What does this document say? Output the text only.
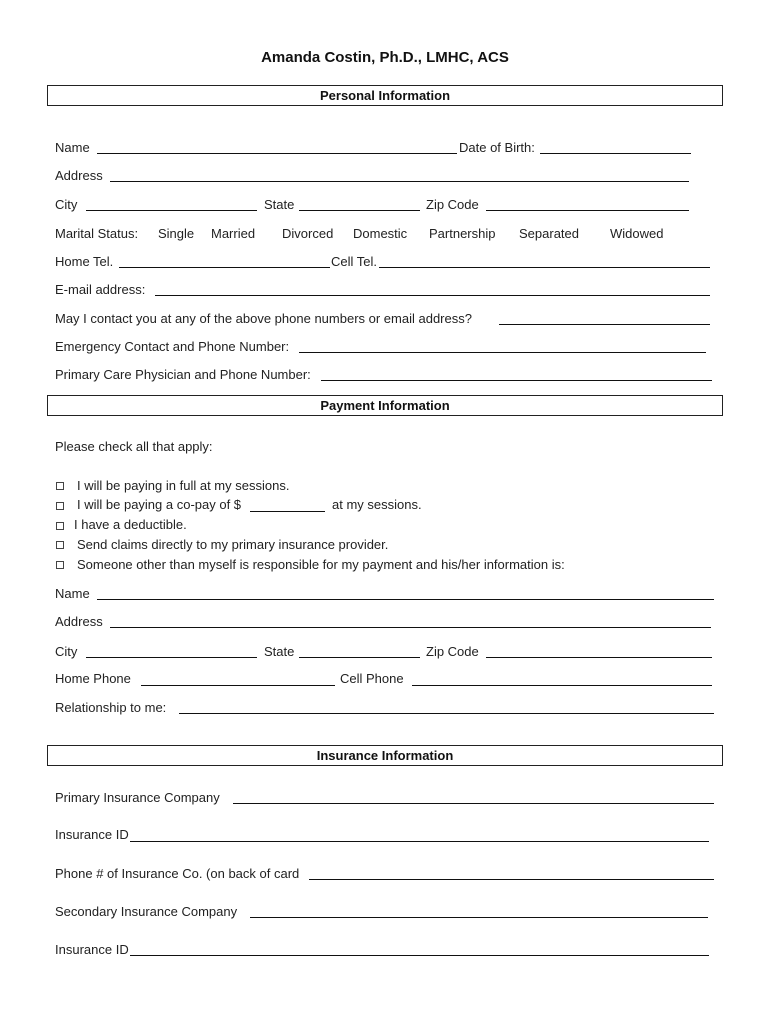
Amanda Costin, Ph.D., LMHC, ACS
Personal Information
Name	Date of Birth:
Address
City	State	Zip Code
Marital Status: Single Married Divorced Domestic Partnership Separated Widowed
Home Tel.	Cell Tel.
E-mail address:
May I contact you at any of the above phone numbers or email address?
Emergency Contact and Phone Number:
Primary Care Physician and Phone Number:
Payment Information
Please check all that apply:
I will be paying in full at my sessions.
I will be paying a co-pay of $	at my sessions.
I have a deductible.
Send claims directly to my primary insurance provider.
Someone other than myself is responsible for my payment and his/her information is:
Name
Address
City	State	Zip Code
Home Phone	Cell Phone
Relationship to me:
Insurance Information
Primary Insurance Company
Insurance ID
Phone # of Insurance Co. (on back of card
Secondary Insurance Company
Insurance ID
